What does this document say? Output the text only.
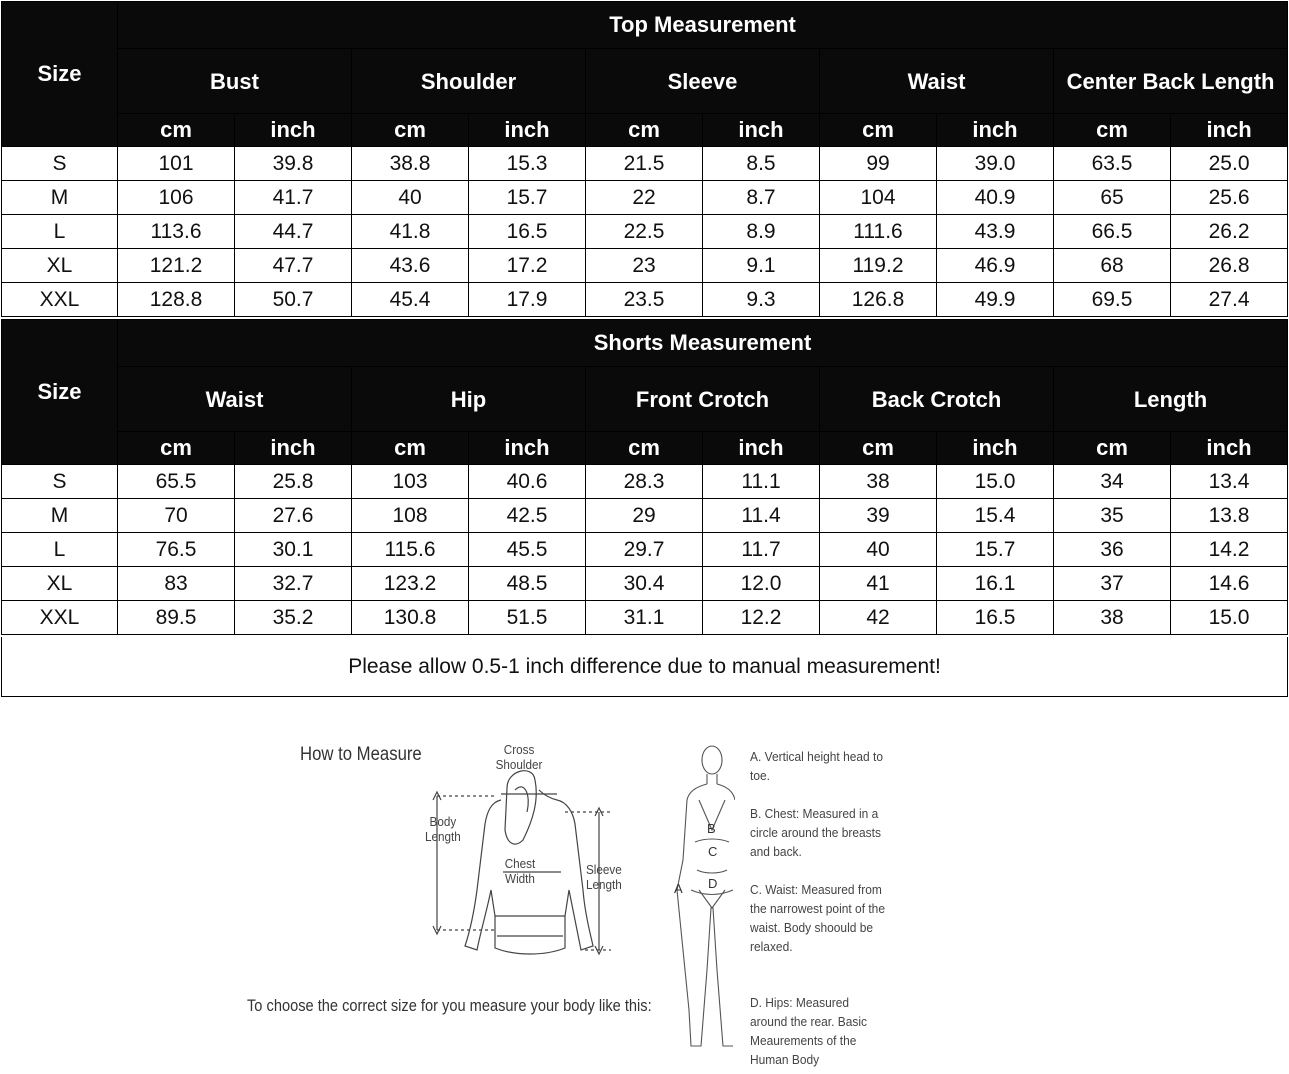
Size	Top Measurement									
	Bust		Shoulder		Sleeve		Waist		Center Back Length	
	cm	inch	cm	inch	cm	inch	cm	inch	cm	inch
S	101	39.8	38.8	15.3	21.5	8.5	99	39.0	63.5	25.0
M	106	41.7	40	15.7	22	8.7	104	40.9	65	25.6
L	113.6	44.7	41.8	16.5	22.5	8.9	111.6	43.9	66.5	26.2
XL	121.2	47.7	43.6	17.2	23	9.1	119.2	46.9	68	26.8
XXL	128.8	50.7	45.4	17.9	23.5	9.3	126.8	49.9	69.5	27.4
Size	Shorts Measurement									
	Waist		Hip		Front Crotch		Back Crotch		Length	
	cm	inch	cm	inch	cm	inch	cm	inch	cm	inch
S	65.5	25.8	103	40.6	28.3	11.1	38	15.0	34	13.4
M	70	27.6	108	42.5	29	11.4	39	15.4	35	13.8
L	76.5	30.1	115.6	45.5	29.7	11.7	40	15.7	36	14.2
XL	83	32.7	123.2	48.5	30.4	12.0	41	16.1	37	14.6
XXL	89.5	35.2	130.8	51.5	31.1	12.2	42	16.5	38	15.0
Please allow 0.5-1 inch difference due to manual measurement!
How to Measure
To choose the correct size for you measure your body like this:
Cross
Shoulder
Body
Length
Chest
Width
Sleeve
Length
B
C
D
A
A. Vertical height head to toe.
B. Chest: Measured in a circle around the breasts and back.
C. Waist: Measured from the narrowest point of the waist. Body shoould be relaxed.
D. Hips: Measured around the rear. Basic Meaurements of the Human Body
